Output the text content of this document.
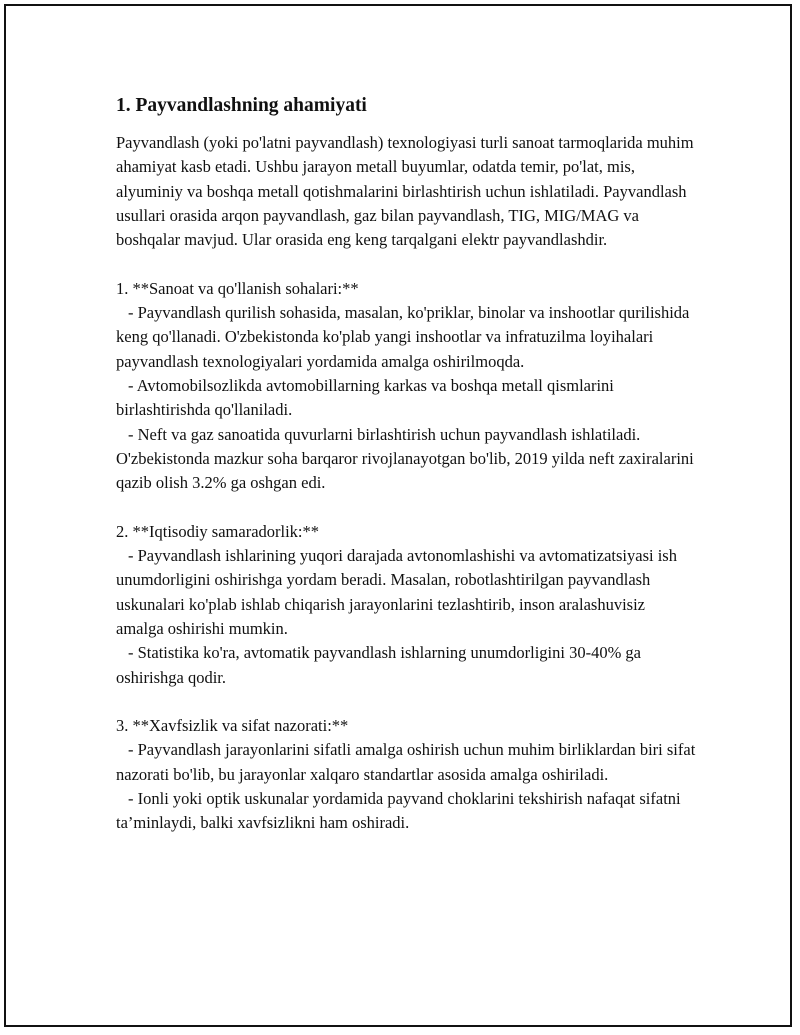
1. Payvandlashning ahamiyati

Payvandlash (yoki po'latni payvandlash) texnologiyasi turli sanoat tarmoqlarida muhim ahamiyat kasb etadi. Ushbu jarayon metall buyumlar, odatda temir, po'lat, mis, alyuminiy va boshqa metall qotishmalarini birlashtirish uchun ishlatiladi. Payvandlash usullari orasida arqon payvandlash, gaz bilan payvandlash, TIG, MIG/MAG va boshqalar mavjud. Ular orasida eng keng tarqalgani elektr payvandlashdir.

1. **Sanoat va qo'llanish sohalari:**

- Payvandlash qurilish sohasida, masalan, ko'priklar, binolar va inshootlar qurilishida keng qo'llanadi. O'zbekistonda ko'plab yangi inshootlar va infratuzilma loyihalari payvandlash texnologiyalari yordamida amalga oshirilmoqda.

- Avtomobilsozlikda avtomobillarning karkas va boshqa metall qismlarini birlashtirishda qo'llaniladi.

- Neft va gaz sanoatida quvurlarni birlashtirish uchun payvandlash ishlatiladi. O'zbekistonda mazkur soha barqaror rivojlanayotgan bo'lib, 2019 yilda neft zaxiralarini qazib olish 3.2% ga oshgan edi.

2. **Iqtisodiy samaradorlik:**

- Payvandlash ishlarining yuqori darajada avtonomlashishi va avtomatizatsiyasi ish unumdorligini oshirishga yordam beradi. Masalan, robotlashtirilgan payvandlash uskunalari ko'plab ishlab chiqarish jarayonlarini tezlashtirib, inson aralashuvisiz amalga oshirishi mumkin.

- Statistika ko'ra, avtomatik payvandlash ishlarning unumdorligini 30-40% ga oshirishga qodir.

3. **Xavfsizlik va sifat nazorati:**

- Payvandlash jarayonlarini sifatli amalga oshirish uchun muhim birliklardan biri sifat nazorati bo'lib, bu jarayonlar xalqaro standartlar asosida amalga oshiriladi.

- Ionli yoki optik uskunalar yordamida payvand choklarini tekshirish nafaqat sifatni ta’minlaydi, balki xavfsizlikni ham oshiradi.
